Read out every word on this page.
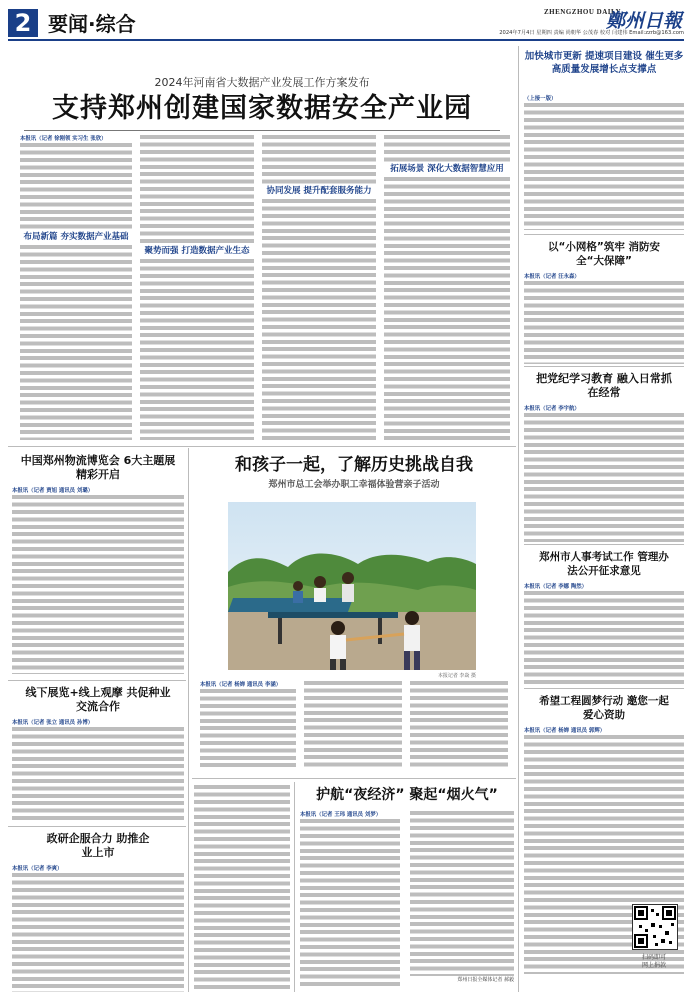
2 要闻·综合	ZHENGZHOU DAILY
鄭州日報
2024年7月4日 星期四 责编 尚朝华 公茂春 校对 闫建伟 Email:zzrb@163.com
2024年河南省大数据产业发展工作方案发布
支持郑州创建国家数据安全产业园
本报讯（记者 徐刚领 实习生 张欣）
布局新篇 夯实数据产业基础
聚势而强 打造数据产业生态
协同发展 提升配套服务能力
拓展场景 深化大数据智慧应用
加快城市更新 提速项目建设 催生更多高质量发展增长点支撑点
（上接一版）
以“小网格”筑牢 消防安全“大保障”
本报讯（记者 汪永森）
把党纪学习教育 融入日常抓在经常
本报讯（记者 李宇航）
郑州市人事考试工作 管理办法公开征求意见
本报讯（记者 李娜 陶然）
希望工程圆梦行动 邀您一起爱心资助
本报讯（记者 杨婵 通讯员 郭辉）
扫码即可
网上捐款
中国郑州物流博览会 6大主题展精彩开启
本报讯（记者 贾旭 通讯员 刘璐）
线下展览+线上观摩 共促种业交流合作
本报讯（记者 张立 通讯员 孙博）
政研企服合力 助推企业上市
本报讯（记者 李爽）
和孩子一起，了解历史挑战自我
郑州市总工会举办职工幸福体验营亲子活动
本报记者 李焱 摄
本报讯（记者 杨婵 通讯员 李涵）
护航“夜经济” 聚起“烟火气”
本报讯（记者 王玮 通讯员 刘梦）
郑州日报全媒体记者 郝毅
